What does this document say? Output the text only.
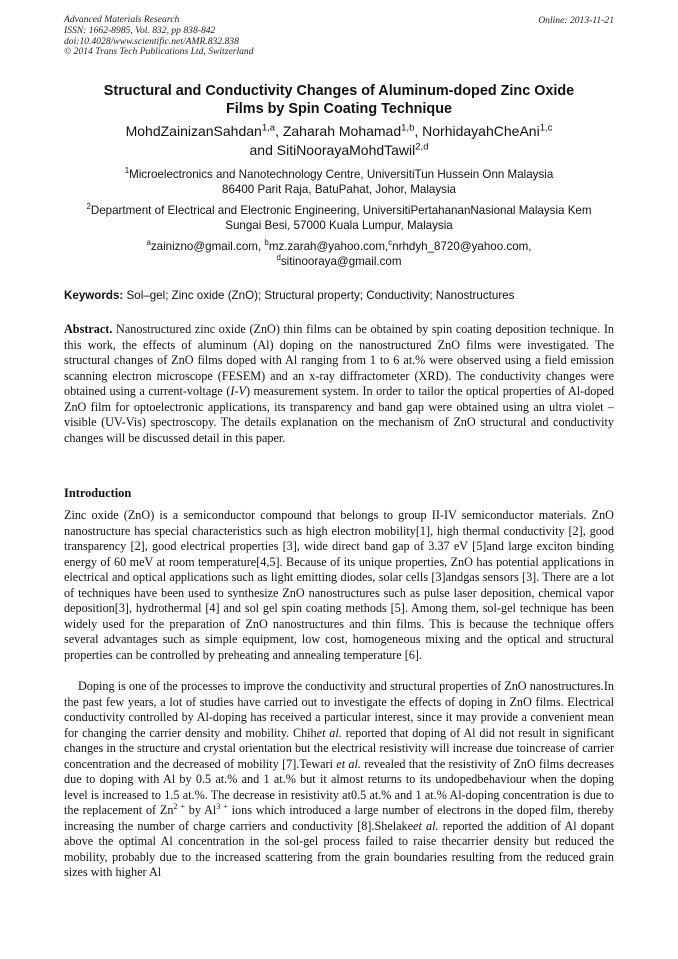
Advanced Materials Research
ISSN: 1662-8985, Vol. 832, pp 838-842
doi:10.4028/www.scientific.net/AMR.832.838
© 2014 Trans Tech Publications Ltd, Switzerland
Online: 2013-11-21
Structural and Conductivity Changes of Aluminum-doped Zinc Oxide
Films by Spin Coating Technique
MohdZainizanSahdan$^{1,a}$, Zaharah Mohamad$^{1,b}$, NorhidayahCheAni$^{1,c}$
and SitiNoorayaMohdTawil$^{2,d}$
$^1$Microelectronics and Nanotechnology Centre, UniversitiTun Hussein Onn Malaysia
86400 Parit Raja, BatuPahat, Johor, Malaysia
$^2$Department of Electrical and Electronic Engineering, UniversitiPertahananNasional Malaysia Kem
Sungai Besi, 57000 Kuala Lumpur, Malaysia
$^a$zainizno@gmail.com, $^b$mz.zarah@yahoo.com,$^c$nrhdyh_8720@yahoo.com,
$^d$sitinooraya@gmail.com
Keywords: Sol–gel; Zinc oxide (ZnO); Structural property; Conductivity; Nanostructures
Abstract. Nanostructured zinc oxide (ZnO) thin films can be obtained by spin coating deposition technique. In this work, the effects of aluminum (Al) doping on the nanostructured ZnO films were investigated. The structural changes of ZnO films doped with Al ranging from 1 to 6 at.% were observed using a field emission scanning electron microscope (FESEM) and an x-ray diffractometer (XRD). The conductivity changes were obtained using a current-voltage (I-V) measurement system. In order to tailor the optical properties of Al-doped ZnO film for optoelectronic applications, its transparency and band gap were obtained using an ultra violet – visible (UV-Vis) spectroscopy. The details explanation on the mechanism of ZnO structural and conductivity changes will be discussed detail in this paper.
Introduction
Zinc oxide (ZnO) is a semiconductor compound that belongs to group II-IV semiconductor materials. ZnO nanostructure has special characteristics such as high electron mobility[1], high thermal conductivity [2], good transparency [2], good electrical properties [3], wide direct band gap of 3.37 eV [5]and large exciton binding energy of 60 meV at room temperature[4,5]. Because of its unique properties, ZnO has potential applications in electrical and optical applications such as light emitting diodes, solar cells [3]andgas sensors [3]. There are a lot of techniques have been used to synthesize ZnO nanostructures such as pulse laser deposition, chemical vapor deposition[3], hydrothermal [4] and sol gel spin coating methods [5]. Among them, sol-gel technique has been widely used for the preparation of ZnO nanostructures and thin films. This is because the technique offers several advantages such as simple equipment, low cost, homogeneous mixing and the optical and structural properties can be controlled by preheating and annealing temperature [6].
Doping is one of the processes to improve the conductivity and structural properties of ZnO nanostructures.In the past few years, a lot of studies have carried out to investigate the effects of doping in ZnO films. Electrical conductivity controlled by Al-doping has received a particular interest, since it may provide a convenient mean for changing the carrier density and mobility. Chihet al. reported that doping of Al did not result in significant changes in the structure and crystal orientation but the electrical resistivity will increase due toincrease of carrier concentration and the decreased of mobility [7].Tewari et al. revealed that the resistivity of ZnO films decreases due to doping with Al by 0.5 at.% and 1 at.% but it almost returns to its undopedbehaviour when the doping level is increased to 1.5 at.%. The decrease in resistivity at0.5 at.% and 1 at.% Al-doping concentration is due to the replacement of $Zn^{2 +}$ by $Al^{3 +}$ ions which introduced a large number of electrons in the doped film, thereby increasing the number of charge carriers and conductivity [8].Shelakeet al. reported the addition of Al dopant above the optimal Al concentration in the sol-gel process failed to raise thecarrier density but reduced the mobility, probably due to the increased scattering from the grain boundaries resulting from the reduced grain sizes with higher Al
